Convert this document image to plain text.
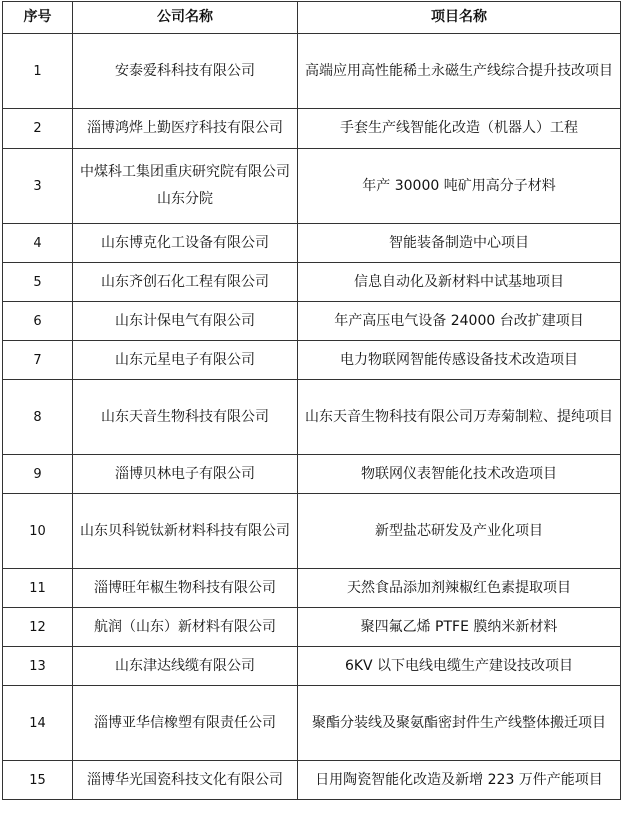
序号	公司名称	项目名称
1	安泰爱科科技有限公司	高端应用高性能稀土永磁生产线综合提升技改项目
2	淄博鸿烨上勤医疗科技有限公司	手套生产线智能化改造（机器人）工程
3	中煤科工集团重庆研究院有限公司山东分院	年产 30000 吨矿用高分子材料
4	山东博克化工设备有限公司	智能装备制造中心项目
5	山东齐创石化工程有限公司	信息自动化及新材料中试基地项目
6	山东计保电气有限公司	年产高压电气设备 24000 台改扩建项目
7	山东元星电子有限公司	电力物联网智能传感设备技术改造项目
8	山东天音生物科技有限公司	山东天音生物科技有限公司万寿菊制粒、提纯项目
9	淄博贝林电子有限公司	物联网仪表智能化技术改造项目
10	山东贝科锐钛新材料科技有限公司	新型盐芯研发及产业化项目
11	淄博旺年椒生物科技有限公司	天然食品添加剂辣椒红色素提取项目
12	航润（山东）新材料有限公司	聚四氟乙烯 PTFE 膜纳米新材料
13	山东津达线缆有限公司	6KV 以下电线电缆生产建设技改项目
14	淄博亚华信橡塑有限责任公司	聚酯分装线及聚氨酯密封件生产线整体搬迁项目
15	淄博华光国瓷科技文化有限公司	日用陶瓷智能化改造及新增 223 万件产能项目
